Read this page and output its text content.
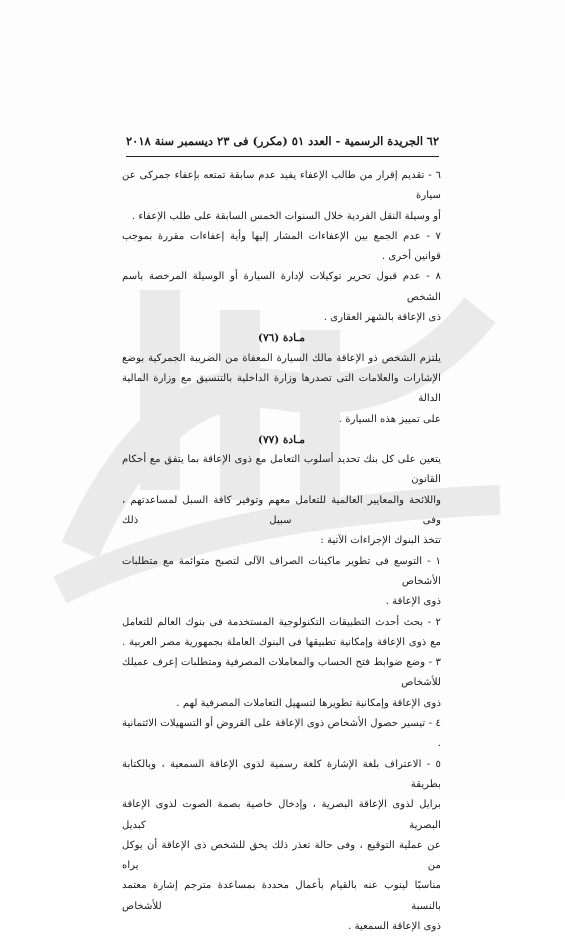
٦٢
الجريدة الرسمية - العدد ٥١ (مكرر) فى ٢٣ ديسمبر سنة ٢٠١٨

٦ - تقديم إقرار من طالب الإعفاء يفيد عدم سابقة تمتعه بإعفاء جمركى عن سيارة

أو وسيلة النقل الفردية خلال السنوات الخمس السابقة على طلب الإعفاء .

٧ - عدم الجمع بين الإعفاءات المشار إليها وأية إعفاءات مقررة بموجب قوانين أخرى .

٨ - عدم قبول تحرير توكيلات لإدارة السيارة أو الوسيلة المرخصة باسم الشخص

ذى الإعاقة بالشهر العقارى .

مـادة (٧٦)

يلتزم الشخص ذو الإعاقة مالك السيارة المعفاة من الضريبة الجمركية بوضع

الإشارات والعلامات التى تصدرها وزارة الداخلية بالتنسيق مع وزارة المالية الدالة

على تمييز هذه السيارة .

مـادة (٧٧)

يتعين على كل بنك تحديد أسلوب التعامل مع ذوى الإعاقة بما يتفق مع أحكام القانون

واللائحة والمعايير العالمية للتعامل معهم وتوفير كافة السبل لمساعدتهم ، وفى سبيل ذلك

تتخذ البنوك الإجراءات الآتية :

١ - التوسع فى تطوير ماكينات الصراف الآلى لتصبح متوائمة مع متطلبات الأشخاص

ذوى الإعاقة .

٢ - بحث أحدث التطبيقات التكنولوجية المستخدمة فى بنوك العالم للتعامل

مع ذوى الإعاقة وإمكانية تطبيقها فى البنوك العاملة بجمهورية مصر العربية .

٣ - وضع ضوابط فتح الحساب والمعاملات المصرفية ومتطلبات إعرف عميلك للأشخاص

ذوى الإعاقة وإمكانية تطويرها لتسهيل التعاملات المصرفية لهم .

٤ - تيسير حصول الأشخاص ذوى الإعاقة على القروض أو التسهيلات الائتمانية .

٥ - الاعتراف بلغة الإشارة كلغة رسمية لذوى الإعاقة السمعية ، وبالكتابة بطريقة

برايل لذوى الإعاقة البصرية ، وإدخال خاصية بصمة الصوت لذوى الإعاقة البصرية كبديل

عن عملية التوقيع ، وفى حالة تعذر ذلك يحق للشخص ذى الإعاقة أن يوكل من يراه

مناسبًا لينوب عنه بالقيام بأعمال محددة بمساعدة مترجم إشارة معتمد بالنسبة للأشخاص

ذوى الإعاقة السمعية .
